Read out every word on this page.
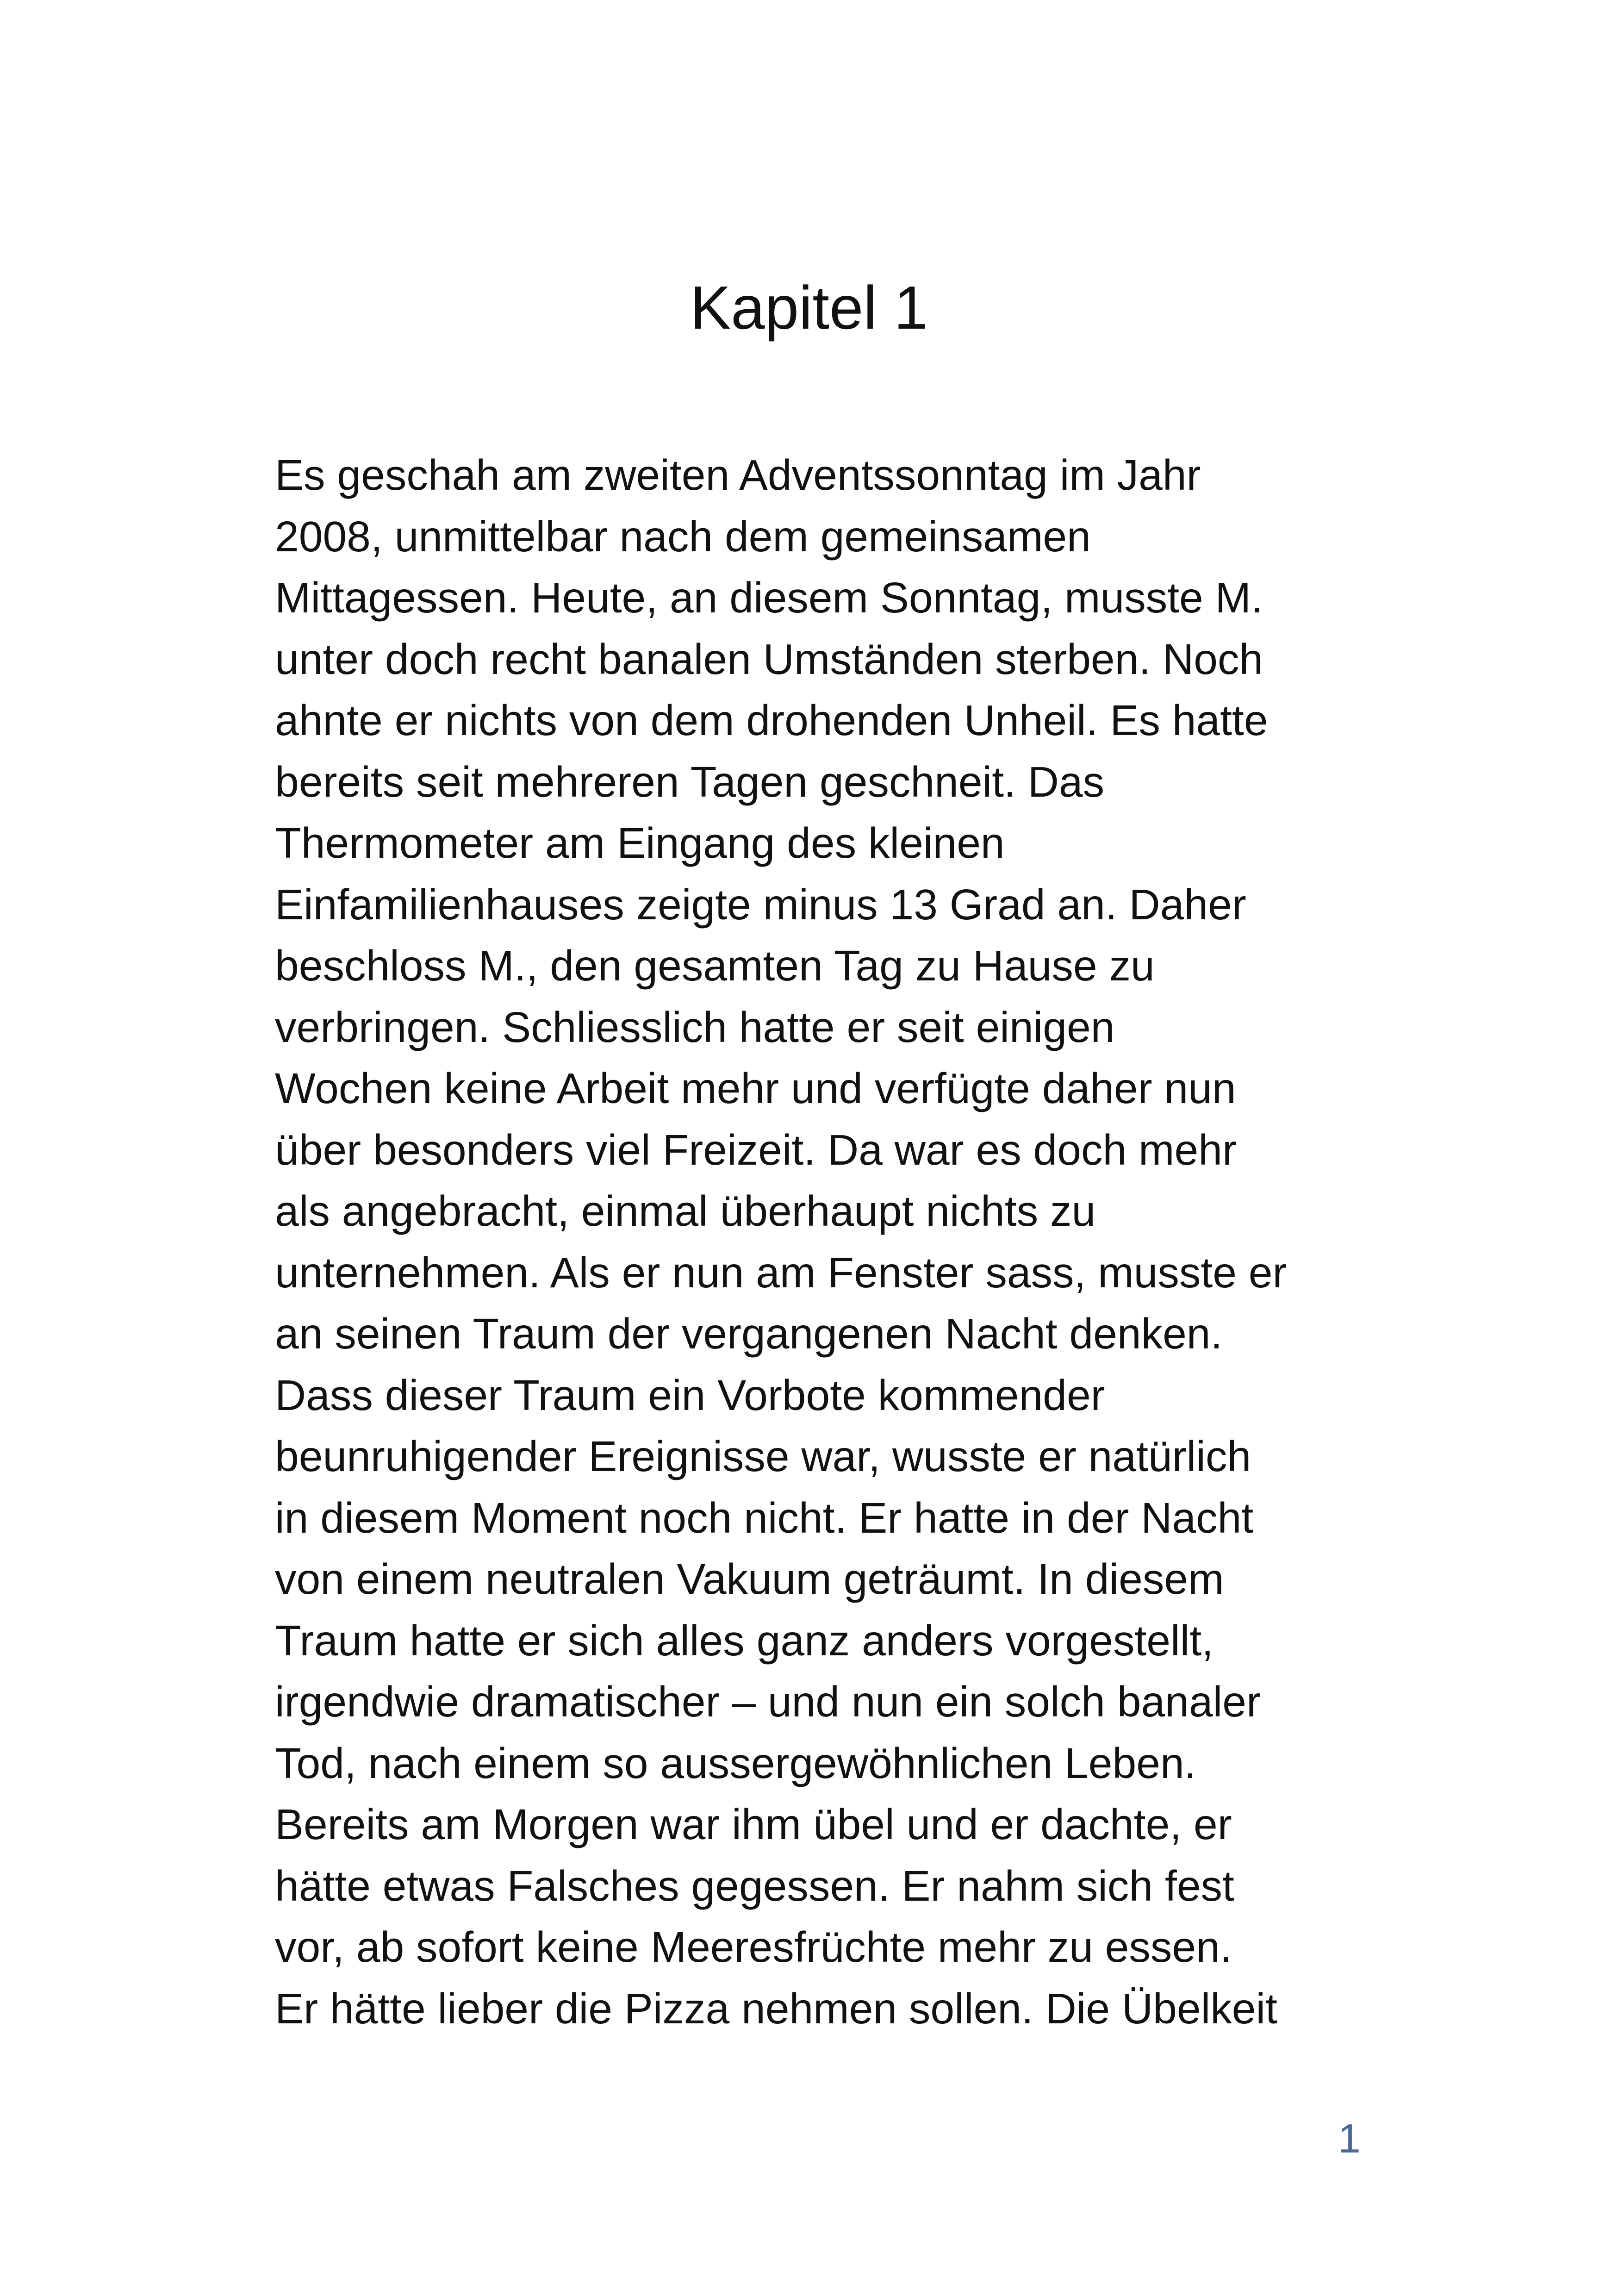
Kapitel 1
Es geschah am zweiten Adventssonntag im Jahr
2008, unmittelbar nach dem gemeinsamen
Mittagessen. Heute, an diesem Sonntag, musste M.
unter doch recht banalen Umständen sterben. Noch
ahnte er nichts von dem drohenden Unheil. Es hatte
bereits seit mehreren Tagen geschneit. Das
Thermometer am Eingang des kleinen
Einfamilienhauses zeigte minus 13 Grad an. Daher
beschloss M., den gesamten Tag zu Hause zu
verbringen. Schliesslich hatte er seit einigen
Wochen keine Arbeit mehr und verfügte daher nun
über besonders viel Freizeit. Da war es doch mehr
als angebracht, einmal überhaupt nichts zu
unternehmen. Als er nun am Fenster sass, musste er
an seinen Traum der vergangenen Nacht denken.
Dass dieser Traum ein Vorbote kommender
beunruhigender Ereignisse war, wusste er natürlich
in diesem Moment noch nicht. Er hatte in der Nacht
von einem neutralen Vakuum geträumt. In diesem
Traum hatte er sich alles ganz anders vorgestellt,
irgendwie dramatischer – und nun ein solch banaler
Tod, nach einem so aussergewöhnlichen Leben.
Bereits am Morgen war ihm übel und er dachte, er
hätte etwas Falsches gegessen. Er nahm sich fest
vor, ab sofort keine Meeresfrüchte mehr zu essen.
Er hätte lieber die Pizza nehmen sollen. Die Übelkeit
1
